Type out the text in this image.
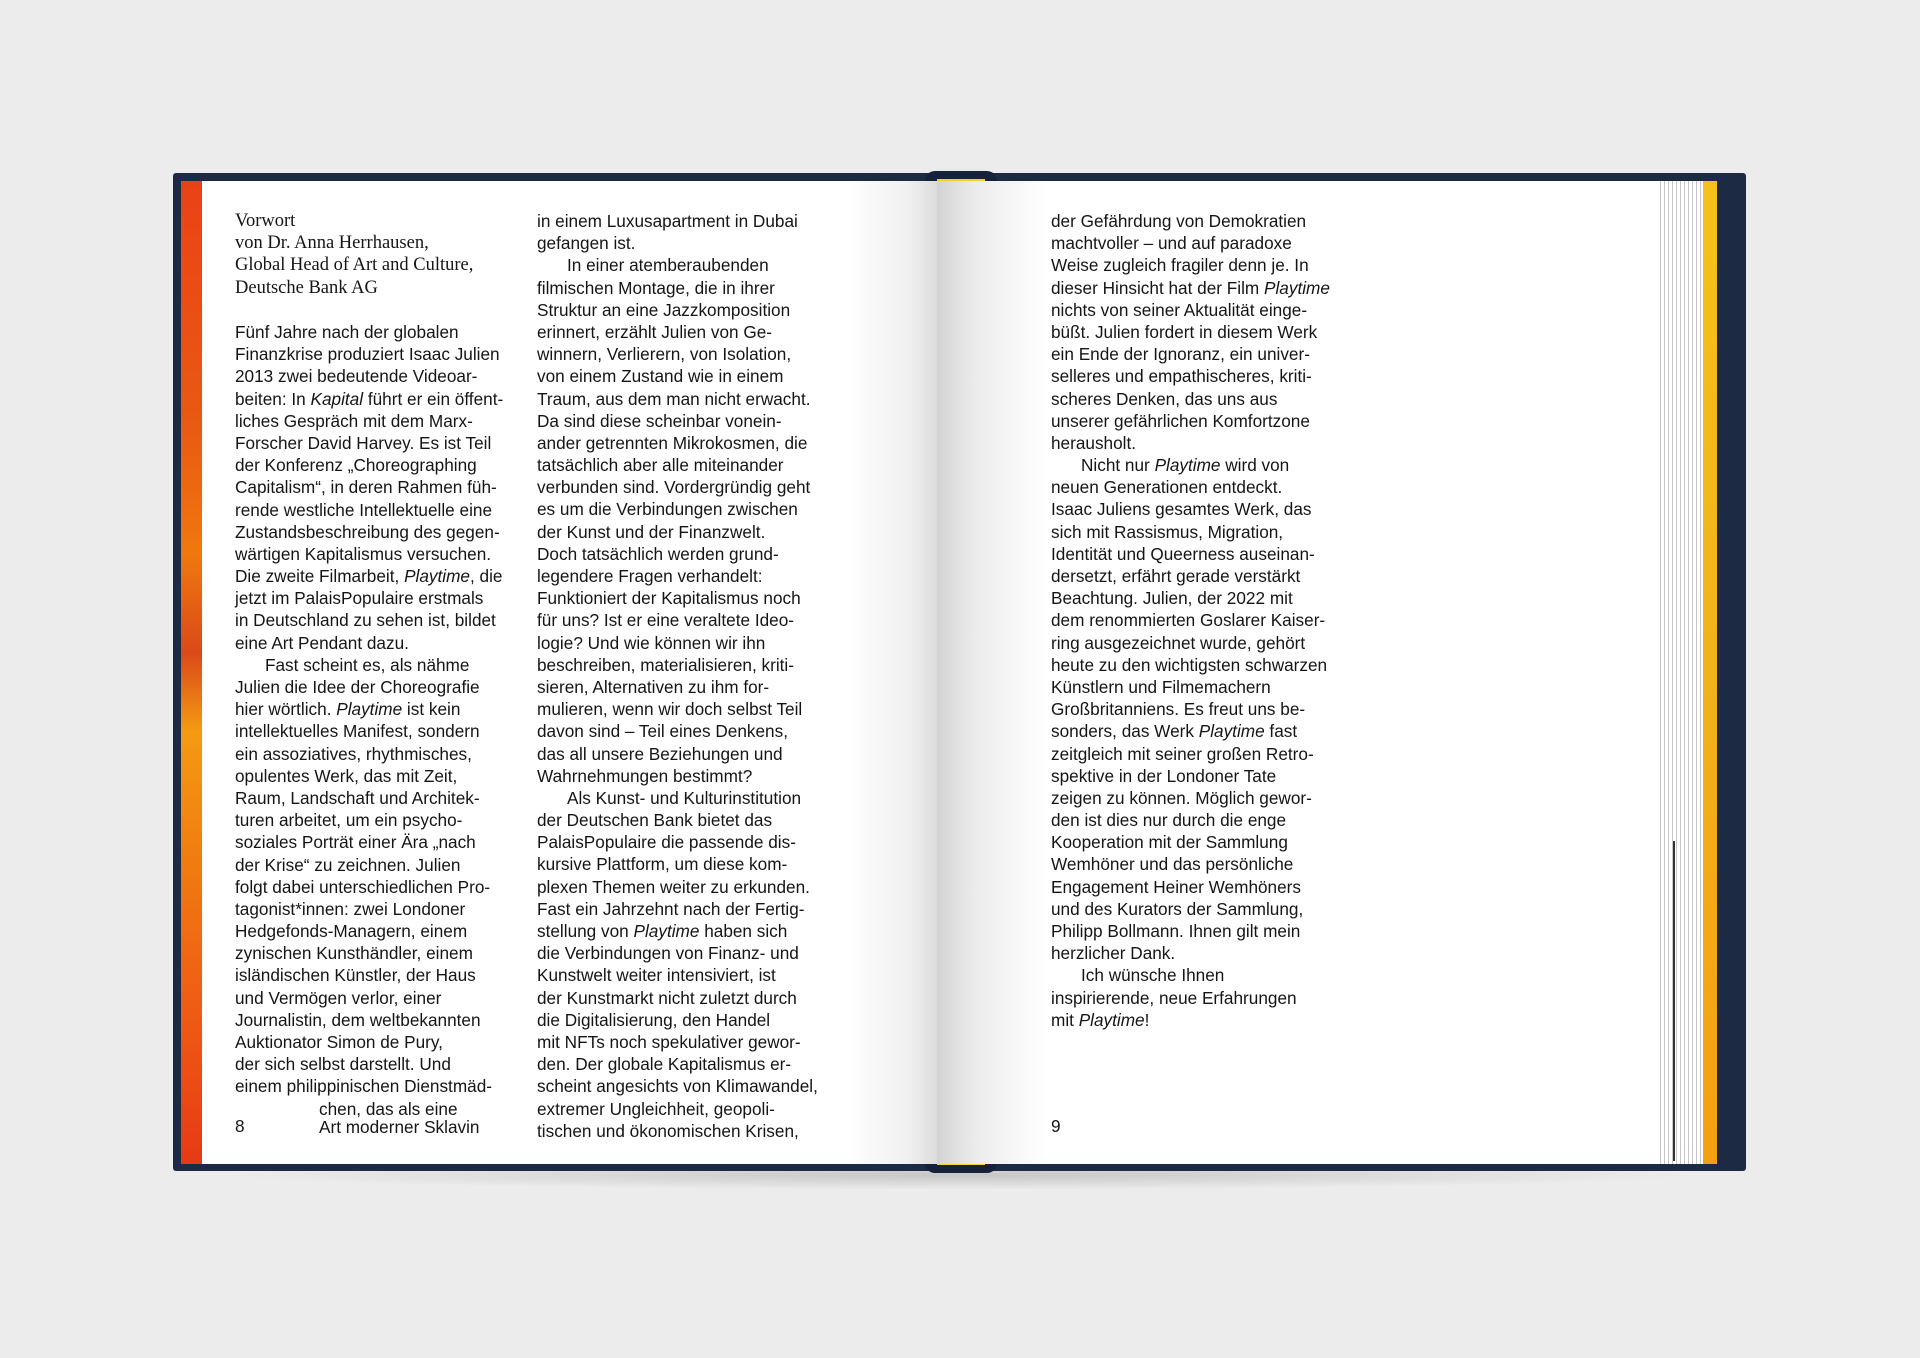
Vorwort
von Dr. Anna Herrhausen,
Global Head of Art and Culture,
Deutsche Bank AG
Fünf Jahre nach der globalen
Finanzkrise produziert Isaac Julien
2013 zwei bedeutende Videoar-
beiten: In Kapital führt er ein öffent-
liches Gespräch mit dem Marx-
Forscher David Harvey. Es ist Teil
der Konferenz „Choreographing
Capitalism“, in deren Rahmen füh-
rende westliche Intellektuelle eine
Zustandsbeschreibung des gegen-
wärtigen Kapitalismus versuchen.
Die zweite Filmarbeit, Playtime, die
jetzt im PalaisPopulaire erstmals
in Deutschland zu sehen ist, bildet
eine Art Pendant dazu.
Fast scheint es, als nähme
Julien die Idee der Choreografie
hier wörtlich. Playtime ist kein
intellektuelles Manifest, sondern
ein assoziatives, rhythmisches,
opulentes Werk, das mit Zeit,
Raum, Landschaft und Architek-
turen arbeitet, um ein psycho-
soziales Porträt einer Ära „nach
der Krise“ zu zeichnen. Julien
folgt dabei unterschiedlichen Pro-
tagonist*innen: zwei Londoner
Hedgefonds-Managern, einem
zynischen Kunsthändler, einem
isländischen Künstler, der Haus
und Vermögen verlor, einer
Journalistin, dem weltbekannten
Auktionator Simon de Pury,
der sich selbst darstellt. Und
einem philippinischen Dienstmäd-
chen, das als eine
in einem Luxusapartment in Dubai
gefangen ist.
In einer atemberaubenden
filmischen Montage, die in ihrer
Struktur an eine Jazzkomposition
erinnert, erzählt Julien von Ge-
winnern, Verlierern, von Isolation,
von einem Zustand wie in einem
Traum, aus dem man nicht erwacht.
Da sind diese scheinbar vonein-
ander getrennten Mikrokosmen, die
tatsächlich aber alle miteinander
verbunden sind. Vordergründig geht
es um die Verbindungen zwischen
der Kunst und der Finanzwelt.
Doch tatsächlich werden grund-
legendere Fragen verhandelt:
Funktioniert der Kapitalismus noch
für uns? Ist er eine veraltete Ideo-
logie? Und wie können wir ihn
beschreiben, materialisieren, kriti-
sieren, Alternativen zu ihm for-
mulieren, wenn wir doch selbst Teil
davon sind – Teil eines Denkens,
das all unsere Beziehungen und
Wahrnehmungen bestimmt?
Als Kunst- und Kulturinstitution
der Deutschen Bank bietet das
PalaisPopulaire die passende dis-
kursive Plattform, um diese kom-
plexen Themen weiter zu erkunden.
Fast ein Jahrzehnt nach der Fertig-
stellung von Playtime haben sich
die Verbindungen von Finanz- und
Kunstwelt weiter intensiviert, ist
der Kunstmarkt nicht zuletzt durch
die Digitalisierung, den Handel
mit NFTs noch spekulativer gewor-
den. Der globale Kapitalismus er-
scheint angesichts von Klimawandel,
extremer Ungleichheit, geopoli-
tischen und ökonomischen Krisen,
8	Art moderner Sklavin
der Gefährdung von Demokratien
machtvoller – und auf paradoxe
Weise zugleich fragiler denn je. In
dieser Hinsicht hat der Film Playtime
nichts von seiner Aktualität einge-
büßt. Julien fordert in diesem Werk
ein Ende der Ignoranz, ein univer-
selleres und empathischeres, kriti-
scheres Denken, das uns aus
unserer gefährlichen Komfortzone
herausholt.
Nicht nur Playtime wird von
neuen Generationen entdeckt.
Isaac Juliens gesamtes Werk, das
sich mit Rassismus, Migration,
Identität und Queerness auseinan-
dersetzt, erfährt gerade verstärkt
Beachtung. Julien, der 2022 mit
dem renommierten Goslarer Kaiser-
ring ausgezeichnet wurde, gehört
heute zu den wichtigsten schwarzen
Künstlern und Filmemachern
Großbritanniens. Es freut uns be-
sonders, das Werk Playtime fast
zeitgleich mit seiner großen Retro-
spektive in der Londoner Tate
zeigen zu können. Möglich gewor-
den ist dies nur durch die enge
Kooperation mit der Sammlung
Wemhöner und das persönliche
Engagement Heiner Wemhöners
und des Kurators der Sammlung,
Philipp Bollmann. Ihnen gilt mein
herzlicher Dank.
Ich wünsche Ihnen
inspirierende, neue Erfahrungen
mit Playtime!
9
